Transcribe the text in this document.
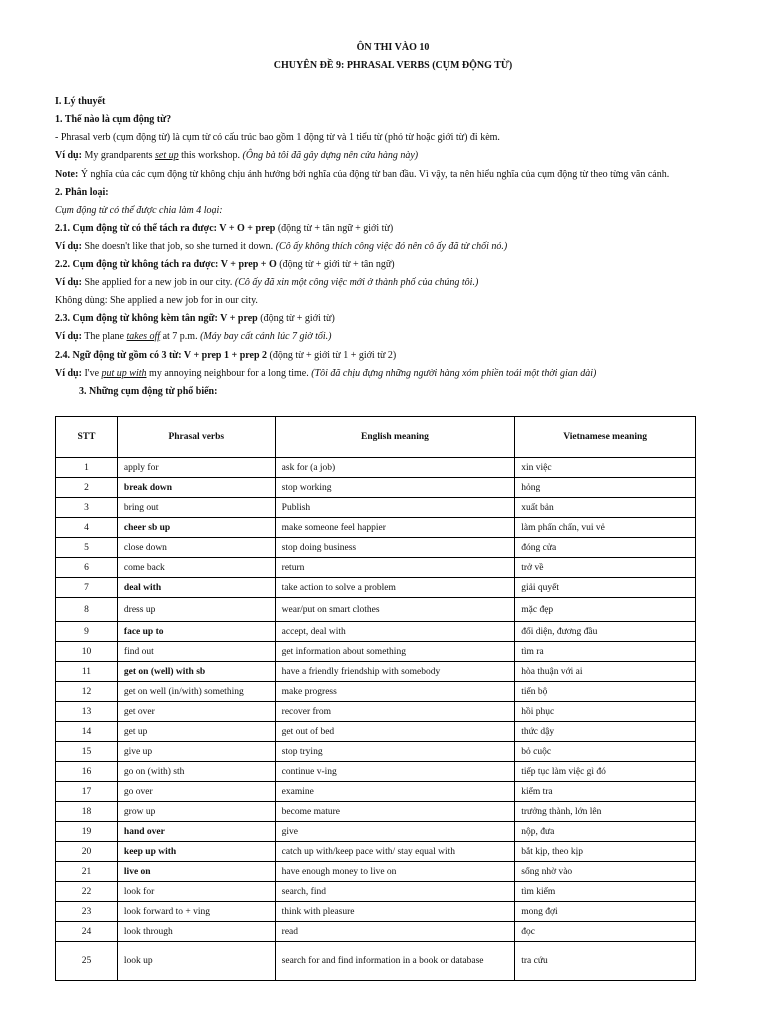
ÔN THI VÀO 10
CHUYÊN ĐỀ 9: PHRASAL VERBS (CỤM ĐỘNG TỪ)
I. Lý thuyết
1. Thế nào là cụm động từ?
- Phrasal verb (cụm động từ) là cụm từ có cấu trúc bao gồm 1 động từ và 1 tiểu từ (phó từ hoặc giới từ) đi kèm.
Ví dụ: My grandparents set up this workshop. (Ông bà tôi đã gây dựng nên cửa hàng này)
Note: Ý nghĩa của các cụm động từ không chịu ảnh hưởng bởi nghĩa của động từ ban đầu. Vì vậy, ta nên hiểu nghĩa của cụm động từ theo từng văn cảnh.
2. Phân loại:
Cụm động từ có thể được chia làm 4 loại:
2.1. Cụm động từ có thể tách ra được: V + O + prep (động từ + tân ngữ + giới từ)
Ví dụ: She doesn't like that job, so she turned it down. (Cô ấy không thích công việc đó nên cô ấy đã từ chối nó.)
2.2. Cụm động từ không tách ra được: V + prep + O (động từ + giới từ + tân ngữ)
Ví dụ: She applied for a new job in our city. (Cô ấy đã xin một công việc mới ở thành phố của chúng tôi.)
Không dùng: She applied a new job for in our city.
2.3. Cụm động từ không kèm tân ngữ: V + prep (động từ + giới từ)
Ví dụ: The plane takes off at 7 p.m. (Máy bay cất cánh lúc 7 giờ tối.)
2.4. Ngữ động từ gồm có 3 từ: V + prep 1 + prep 2 (động từ + giới từ 1 + giới từ 2)
Ví dụ: I've put up with my annoying neighbour for a long time. (Tôi đã chịu đựng những người hàng xóm phiền toái một thời gian dài)
3. Những cụm động từ phổ biến:
STT	Phrasal verbs	English meaning	Vietnamese meaning
1	apply for	ask for (a job)	xin việc
2	break down	stop working	hỏng
3	bring out	Publish	xuất bản
4	cheer sb up	make someone feel happier	làm phấn chấn, vui vẻ
5	close down	stop doing business	đóng cửa
6	come back	return	trở về
7	deal with	take action to solve a problem	giải quyết
8	dress up	wear/put on smart clothes	mặc đẹp
9	face up to	accept, deal with	đối diện, đương đầu
10	find out	get information about something	tìm ra
11	get on (well) with sb	have a friendly friendship with somebody	hòa thuận với ai
12	get on well (in/with) something	make progress	tiến bộ
13	get over	recover from	hồi phục
14	get up	get out of bed	thức dậy
15	give up	stop trying	bỏ cuộc
16	go on (with) sth	continue v-ing	tiếp tục làm việc gì đó
17	go over	examine	kiểm tra
18	grow up	become mature	trưởng thành, lớn lên
19	hand over	give	nộp, đưa
20	keep up with	catch up with/keep pace with/ stay equal with	bắt kịp, theo kịp
21	live on	have enough money to live on	sống nhờ vào
22	look for	search, find	tìm kiếm
23	look forward to + ving	think with pleasure	mong đợi
24	look through	read	đọc
25	look up	search for and find information in a book or database	tra cứu
